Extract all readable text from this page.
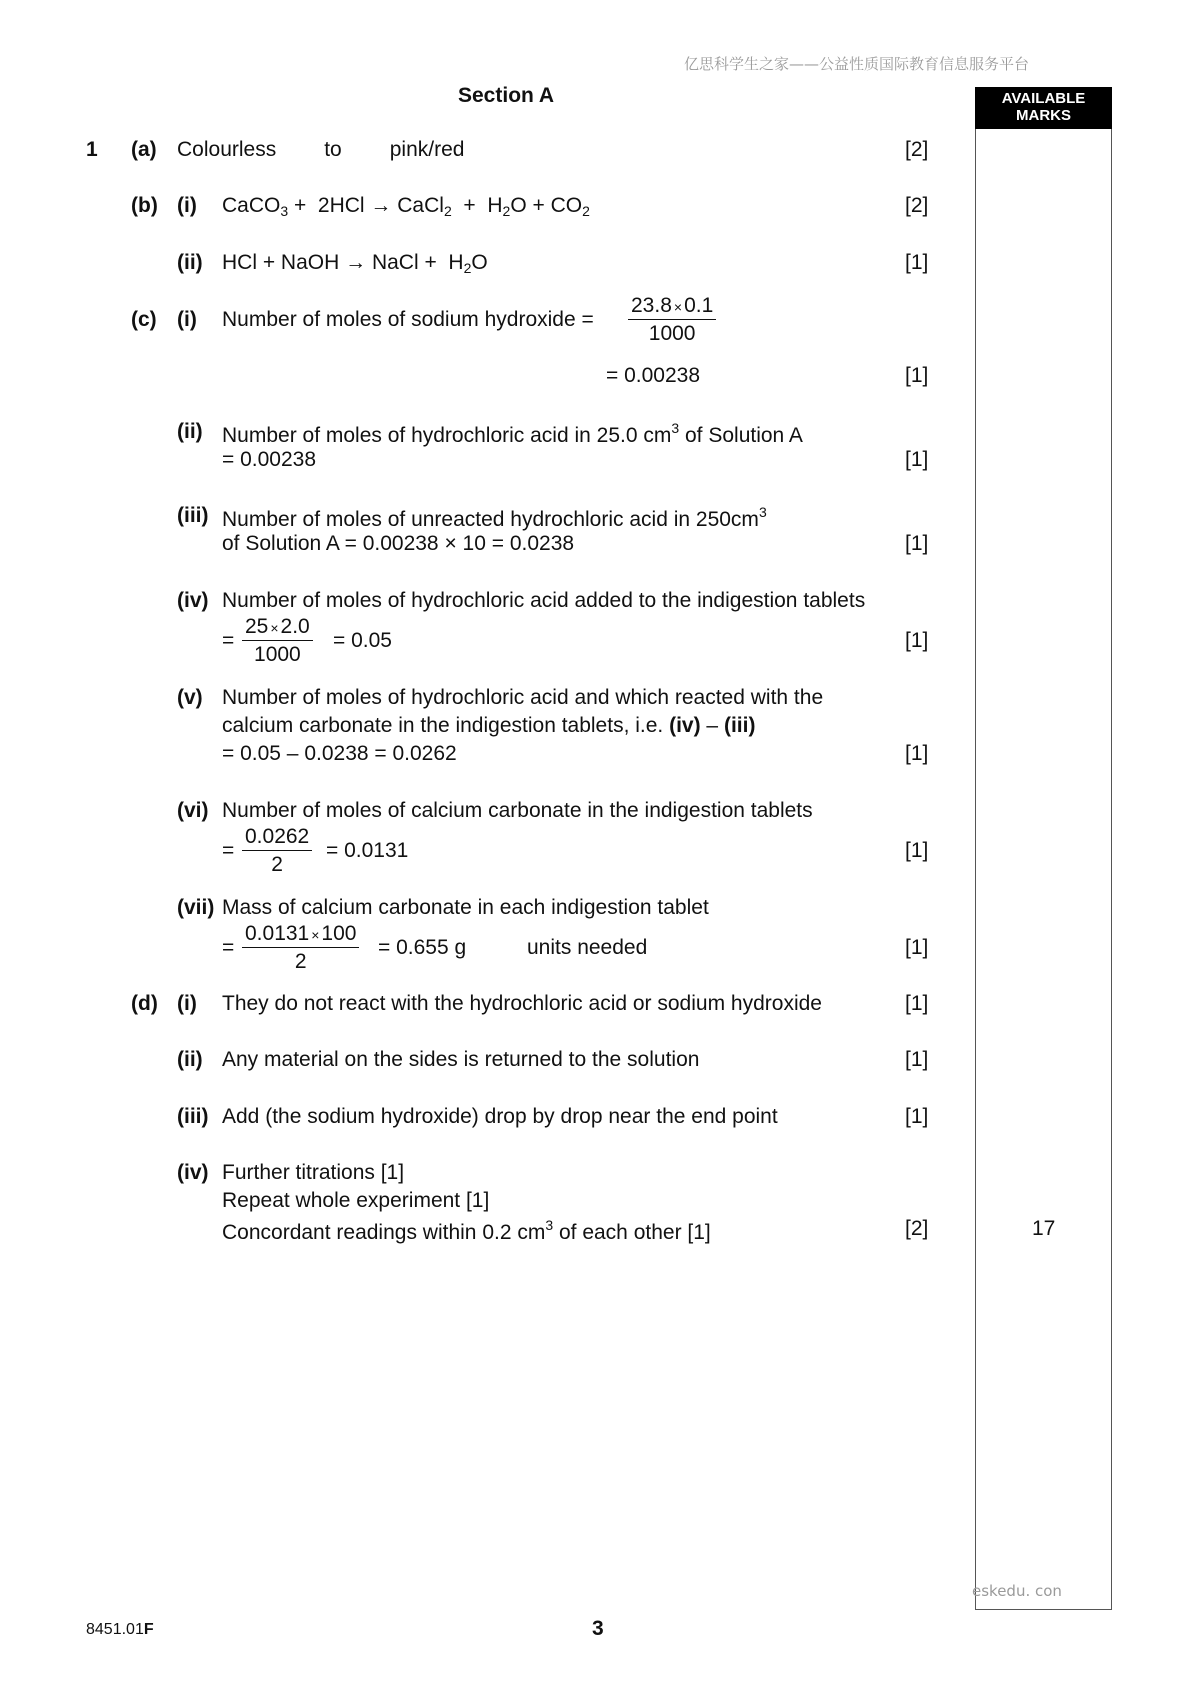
亿思科学生之家——公益性质国际教育信息服务平台
Section A	AVAILABLE
MARKS
1 (a) Colourless to pink/red	[2]
(b) (i) CaCO$_3$ +  2HCl → CaCl$_2$  +  $H_2O + CO_2$	[2]
(ii) HCl + NaOH → NaCl +  $H_2O$	[1]
(c) (i) Number of moles of sodium hydroxide = $\frac{23.8 \times 0.1}{1000}$
= 0.00238	[1]
(ii) Number of moles of hydrochloric acid in 25.0 $cm^3$ of Solution A
= 0.00238	[1]
(iii) Number of moles of unreacted hydrochloric acid in $250cm^3$
of Solution A = 0.00238 × 10 = 0.0238	[1]
(iv) Number of moles of hydrochloric acid added to the indigestion tablets
= $\frac{25 \times 2.0}{1000} = 0.05$	[1]
(v) Number of moles of hydrochloric acid and which reacted with the
calcium carbonate in the indigestion tablets, i.e. (iv) – (iii)
= 0.05 – 0.0238 = 0.0262	[1]
(vi) Number of moles of calcium carbonate in the indigestion tablets
= $\frac{0.0262}{2} = 0.0131$	[1]
(vii) Mass of calcium carbonate in each indigestion tablet
= $\frac{0.0131 \times 100}{2} = 0.655$ g	units needed	[1]
(d) (i) They do not react with the hydrochloric acid or sodium hydroxide	[1]
(ii) Any material on the sides is returned to the solution	[1]
(iii) Add (the sodium hydroxide) drop by drop near the end point	[1]
(iv) Further titrations [1]
Repeat whole experiment [1]
Concordant readings within 0.2 $cm^3$ of each other [1]	[2]	17
eskedu. con
8451.01F	3
